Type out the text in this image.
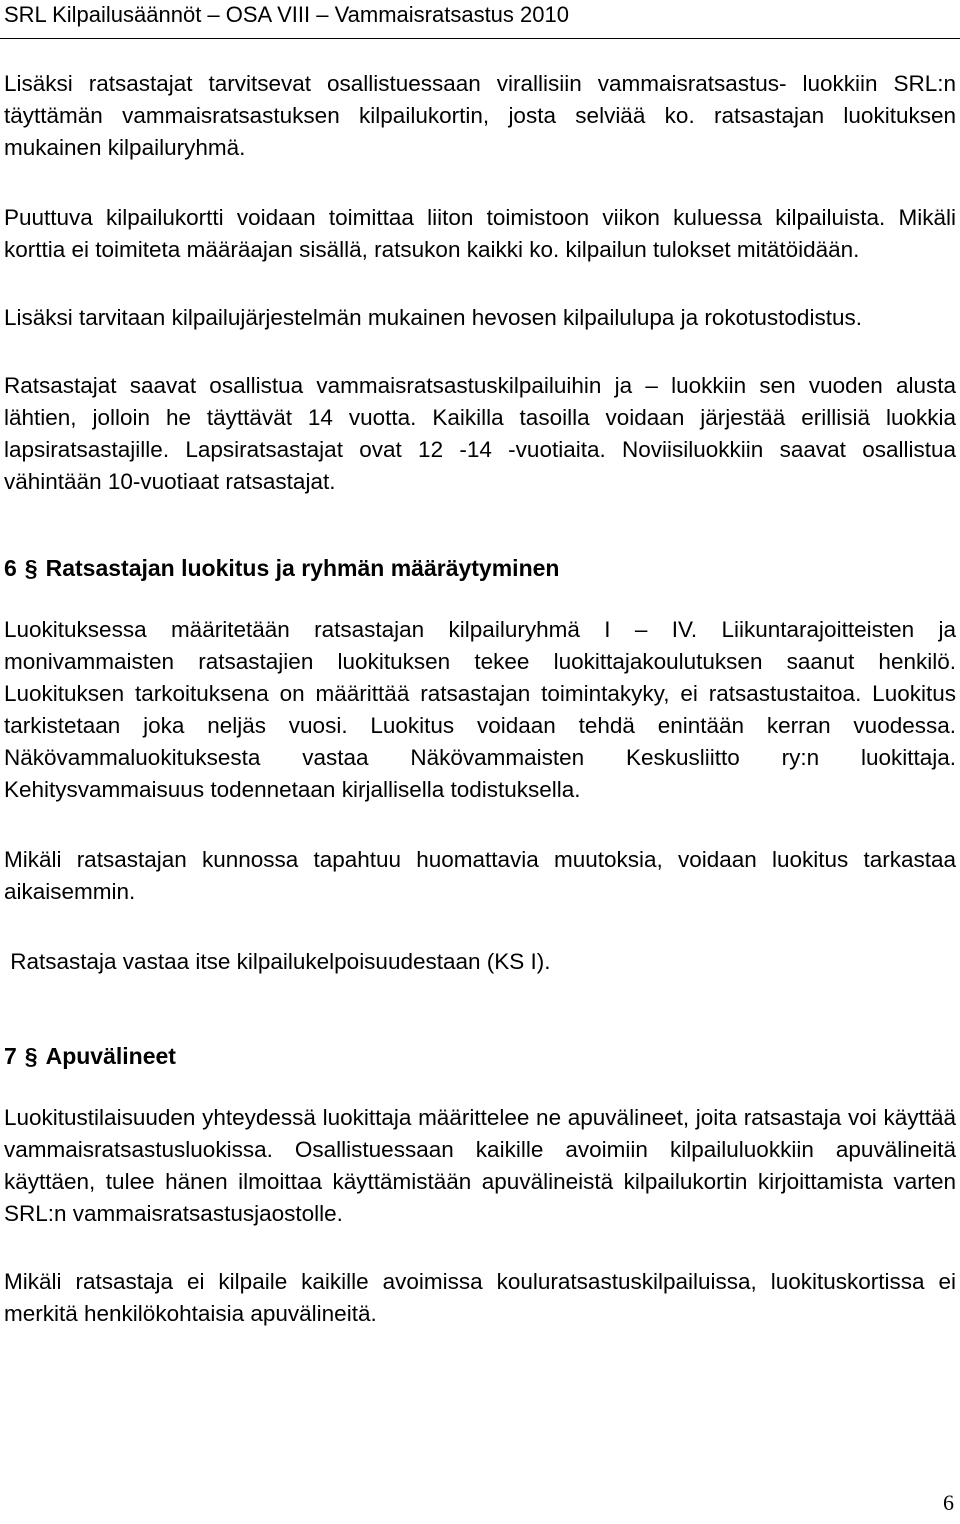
SRL Kilpailusäännöt – OSA VIII – Vammaisratsastus 2010

Lisäksi ratsastajat tarvitsevat osallistuessaan virallisiin vammaisratsastus- luokkiin SRL:n täyttämän vammaisratsastuksen kilpailukortin, josta selviää ko. ratsastajan luokituksen mukainen kilpailuryhmä.

Puuttuva kilpailukortti voidaan toimittaa liiton toimistoon viikon kuluessa kilpailuista. Mikäli korttia ei toimiteta määräajan sisällä, ratsukon kaikki ko. kilpailun tulokset mitätöidään.

Lisäksi tarvitaan kilpailujärjestelmän mukainen hevosen kilpailulupa ja rokotustodistus.

Ratsastajat saavat osallistua vammaisratsastuskilpailuihin ja – luokkiin sen vuoden alusta lähtien, jolloin he täyttävät 14 vuotta. Kaikilla tasoilla voidaan järjestää erillisiä luokkia lapsiratsastajille. Lapsiratsastajat ovat 12 -14 -vuotiaita. Noviisiluokkiin saavat osallistua vähintään 10-vuotiaat ratsastajat.

6 § Ratsastajan luokitus ja ryhmän määräytyminen

Luokituksessa määritetään ratsastajan kilpailuryhmä I – IV. Liikuntarajoitteisten ja monivammaisten ratsastajien luokituksen tekee luokittajakoulutuksen saanut henkilö. Luokituksen tarkoituksena on määrittää ratsastajan toimintakyky, ei ratsastustaitoa. Luokitus tarkistetaan joka neljäs vuosi. Luokitus voidaan tehdä enintään kerran vuodessa. Näkövammaluokituksesta vastaa Näkövammaisten Keskusliitto ry:n luokittaja. Kehitysvammaisuus todennetaan kirjallisella todistuksella.

Mikäli ratsastajan kunnossa tapahtuu huomattavia muutoksia, voidaan luokitus tarkastaa aikaisemmin.

Ratsastaja vastaa itse kilpailukelpoisuudestaan (KS I).

7 § Apuvälineet

Luokitustilaisuuden yhteydessä luokittaja määrittelee ne apuvälineet, joita ratsastaja voi käyttää vammaisratsastusluokissa. Osallistuessaan kaikille avoimiin kilpailuluokkiin apuvälineitä käyttäen, tulee hänen ilmoittaa käyttämistään apuvälineistä kilpailukortin kirjoittamista varten SRL:n vammaisratsastusjaostolle.

Mikäli ratsastaja ei kilpaile kaikille avoimissa kouluratsastuskilpailuissa, luokituskortissa ei merkitä henkilökohtaisia apuvälineitä.

6
